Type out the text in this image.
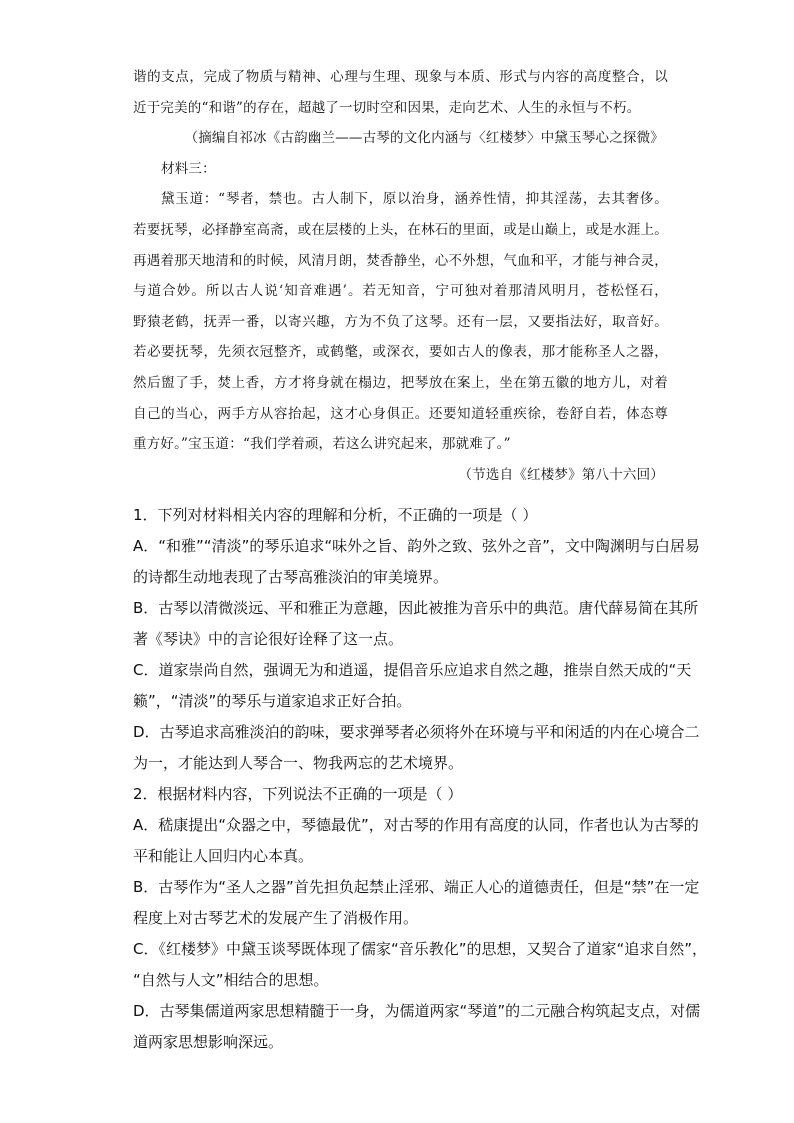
谐的支点，完成了物质与精神、心理与生理、现象与本质、形式与内容的高度整合，以
近于完美的“和谐”的存在，超越了一切时空和因果，走向艺术、人生的永恒与不朽。
（摘编自祁冰《古韵幽兰——古琴的文化内涵与〈红楼梦〉中黛玉琴心之探微》
材料三：
黛玉道：“琴者，禁也。古人制下，原以治身，涵养性情，抑其淫荡，去其奢侈。
若要抚琴，必择静室高斋，或在层楼的上头，在林石的里面，或是山巅上，或是水涯上。
再遇着那天地清和的时候，风清月朗，焚香静坐，心不外想，气血和平，才能与神合灵，
与道合妙。所以古人说‘知音难遇’。若无知音，宁可独对着那清风明月，苍松怪石，
野猿老鹤，抚弄一番，以寄兴趣，方为不负了这琴。还有一层，又要指法好，取音好。
若必要抚琴，先须衣冠整齐，或鹤氅，或深衣，要如古人的像表，那才能称圣人之器，
然后盥了手，焚上香，方才将身就在榻边，把琴放在案上，坐在第五徽的地方儿，对着
自己的当心，两手方从容抬起，这才心身俱正。还要知道轻重疾徐，卷舒自若，体态尊
重方好。”宝玉道：“我们学着顽，若这么讲究起来，那就难了。”
（节选自《红楼梦》第八十六回）
1．下列对材料相关内容的理解和分析，不正确的一项是（ ）
A．“和雅”“清淡”的琴乐追求“味外之旨、韵外之致、弦外之音”，文中陶渊明与白居易
的诗都生动地表现了古琴高雅淡泊的审美境界。
B．古琴以清微淡远、平和雅正为意趣，因此被推为音乐中的典范。唐代薛易简在其所
著《琴诀》中的言论很好诠释了这一点。
C．道家崇尚自然，强调无为和逍遥，提倡音乐应追求自然之趣，推崇自然天成的“天
籁”，“清淡”的琴乐与道家追求正好合拍。
D．古琴追求高雅淡泊的韵味，要求弹琴者必须将外在环境与平和闲适的内在心境合二
为一，才能达到人琴合一、物我两忘的艺术境界。
2．根据材料内容，下列说法不正确的一项是（ ）
A．嵇康提出“众器之中，琴德最优”，对古琴的作用有高度的认同，作者也认为古琴的
平和能让人回归内心本真。
B．古琴作为“圣人之器”首先担负起禁止淫邪、端正人心的道德责任，但是“禁”在一定
程度上对古琴艺术的发展产生了消极作用。
C．《红楼梦》中黛玉谈琴既体现了儒家“音乐教化”的思想，又契合了道家“追求自然”，
“自然与人文”相结合的思想。
D．古琴集儒道两家思想精髓于一身，为儒道两家“琴道”的二元融合构筑起支点，对儒
道两家思想影响深远。
